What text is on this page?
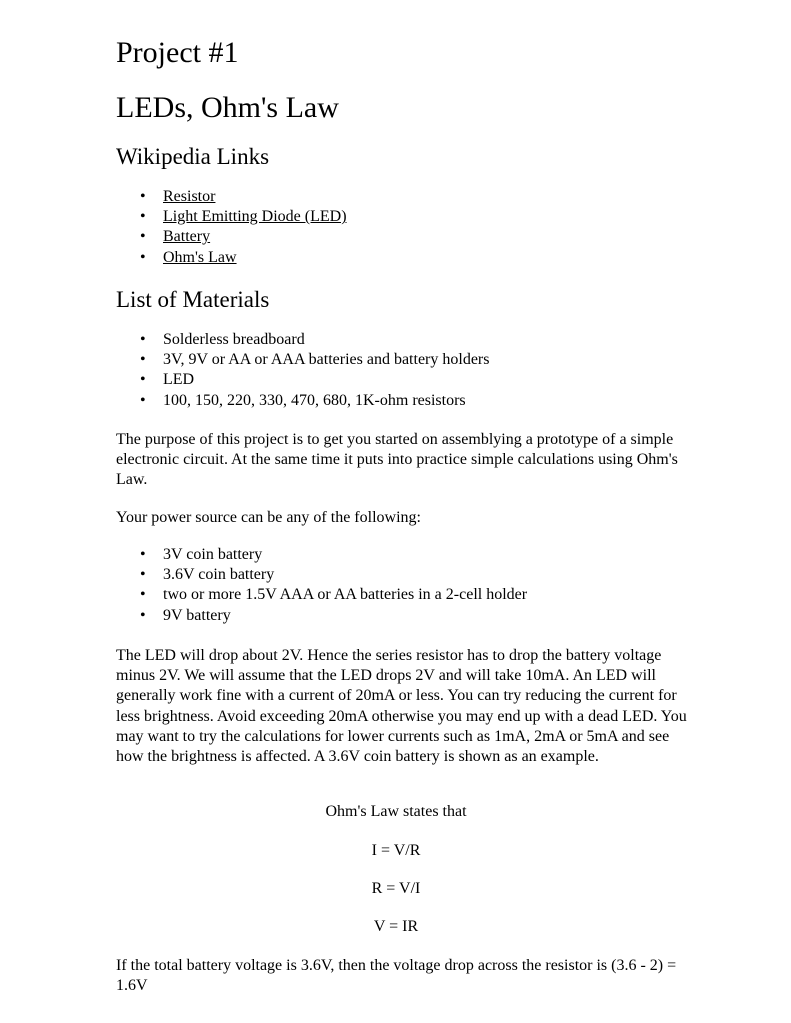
Project #1
LEDs, Ohm's Law
Wikipedia Links
• Resistor
• Light Emitting Diode (LED)
• Battery
• Ohm's Law
List of Materials
• Solderless breadboard
• 3V, 9V or AA or AAA batteries and battery holders
• LED
• 100, 150, 220, 330, 470, 680, 1K-ohm resistors

The purpose of this project is to get you started on assemblying a prototype of a simple electronic circuit. At the same time it puts into practice simple calculations using Ohm's Law.

Your power source can be any of the following:

• 3V coin battery
• 3.6V coin battery
• two or more 1.5V AAA or AA batteries in a 2-cell holder
• 9V battery

The LED will drop about 2V. Hence the series resistor has to drop the battery voltage minus 2V. We will assume that the LED drops 2V and will take 10mA. An LED will generally work fine with a current of 20mA or less. You can try reducing the current for less brightness. Avoid exceeding 20mA otherwise you may end up with a dead LED. You may want to try the calculations for lower currents such as 1mA, 2mA or 5mA and see how the brightness is affected. A 3.6V coin battery is shown as an example.

Ohm's Law states that
I = V/R
R = V/I
V = IR

If the total battery voltage is 3.6V, then the voltage drop across the resistor is (3.6 - 2) = 1.6V
